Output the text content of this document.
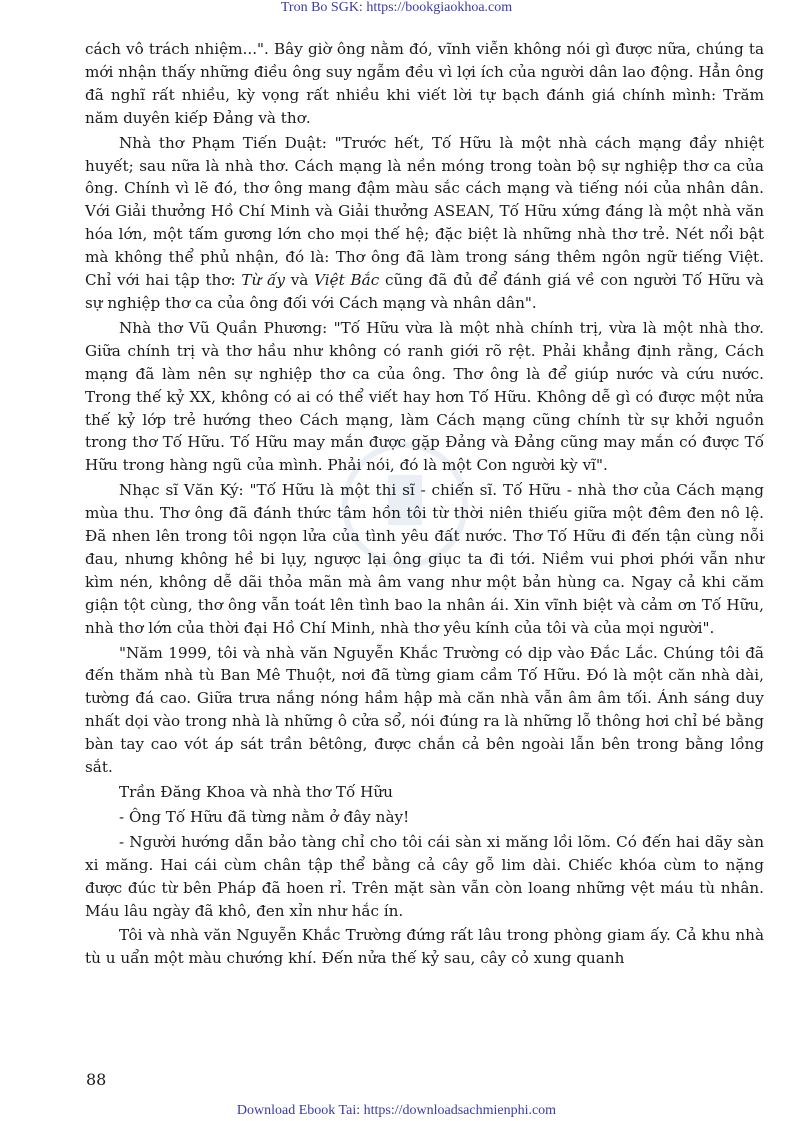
Tron Bo SGK: https://bookgiaokhoa.com

cách vô trách nhiệm...". Bây giờ ông nằm đó, vĩnh viễn không nói gì được nữa, chúng ta mới nhận thấy những điều ông suy ngẫm đều vì lợi ích của người dân lao động. Hẳn ông đã nghĩ rất nhiều, kỳ vọng rất nhiều khi viết lời tự bạch đánh giá chính mình: Trăm năm duyên kiếp Đảng và thơ.

Nhà thơ Phạm Tiến Duật: "Trước hết, Tố Hữu là một nhà cách mạng đầy nhiệt huyết; sau nữa là nhà thơ. Cách mạng là nền móng trong toàn bộ sự nghiệp thơ ca của ông. Chính vì lẽ đó, thơ ông mang đậm màu sắc cách mạng và tiếng nói của nhân dân. Với Giải thưởng Hồ Chí Minh và Giải thưởng ASEAN, Tố Hữu xứng đáng là một nhà văn hóa lớn, một tấm gương lớn cho mọi thế hệ; đặc biệt là những nhà thơ trẻ. Nét nổi bật mà không thể phủ nhận, đó là: Thơ ông đã làm trong sáng thêm ngôn ngữ tiếng Việt. Chỉ với hai tập thơ: Từ ấy và Việt Bắc cũng đã đủ để đánh giá về con người Tố Hữu và sự nghiệp thơ ca của ông đối với Cách mạng và nhân dân".

Nhà thơ Vũ Quần Phương: "Tố Hữu vừa là một nhà chính trị, vừa là một nhà thơ. Giữa chính trị và thơ hầu như không có ranh giới rõ rệt. Phải khẳng định rằng, Cách mạng đã làm nên sự nghiệp thơ ca của ông. Thơ ông là để giúp nước và cứu nước. Trong thế kỷ XX, không có ai có thể viết hay hơn Tố Hữu. Không dễ gì có được một nửa thế kỷ lớp trẻ hướng theo Cách mạng, làm Cách mạng cũng chính từ sự khởi nguồn trong thơ Tố Hữu. Tố Hữu may mắn được gặp Đảng và Đảng cũng may mắn có được Tố Hữu trong hàng ngũ của mình. Phải nói, đó là một Con người kỳ vĩ".

Nhạc sĩ Văn Ký: "Tố Hữu là một thi sĩ - chiến sĩ. Tố Hữu - nhà thơ của Cách mạng mùa thu. Thơ ông đã đánh thức tâm hồn tôi từ thời niên thiếu giữa một đêm đen nô lệ. Đã nhen lên trong tôi ngọn lửa của tình yêu đất nước. Thơ Tố Hữu đi đến tận cùng nỗi đau, nhưng không hề bi lụy, ngược lại ông giục ta đi tới. Niềm vui phơi phới vẫn như kìm nén, không dễ dãi thỏa mãn mà âm vang như một bản hùng ca. Ngay cả khi căm giận tột cùng, thơ ông vẫn toát lên tình bao la nhân ái. Xin vĩnh biệt và cảm ơn Tố Hữu, nhà thơ lớn của thời đại Hồ Chí Minh, nhà thơ yêu kính của tôi và của mọi người".

"Năm 1999, tôi và nhà văn Nguyễn Khắc Trường có dịp vào Đắc Lắc. Chúng tôi đã đến thăm nhà tù Ban Mê Thuột, nơi đã từng giam cầm Tố Hữu. Đó là một căn nhà dài, tường đá cao. Giữa trưa nắng nóng hầm hập mà căn nhà vẫn âm âm tối. Ánh sáng duy nhất dọi vào trong nhà là những ô cửa sổ, nói đúng ra là những lỗ thông hơi chỉ bé bằng bàn tay cao vót áp sát trần bêtông, được chắn cả bên ngoài lẫn bên trong bằng lồng sắt.

Trần Đăng Khoa và nhà thơ Tố Hữu

- Ông Tố Hữu đã từng nằm ở đây này!

- Người hướng dẫn bảo tàng chỉ cho tôi cái sàn xi măng lồi lõm. Có đến hai dãy sàn xi măng. Hai cái cùm chân tập thể bằng cả cây gỗ lim dài. Chiếc khóa cùm to nặng được đúc từ bên Pháp đã hoen rỉ. Trên mặt sàn vẫn còn loang những vệt máu tù nhân. Máu lâu ngày đã khô, đen xỉn như hắc ín.

Tôi và nhà văn Nguyễn Khắc Trường đứng rất lâu trong phòng giam ấy. Cả khu nhà tù u uẩn một màu chướng khí. Đến nửa thế kỷ sau, cây cỏ xung quanh

88
Download Ebook Tai: https://downloadsachmienphi.com
